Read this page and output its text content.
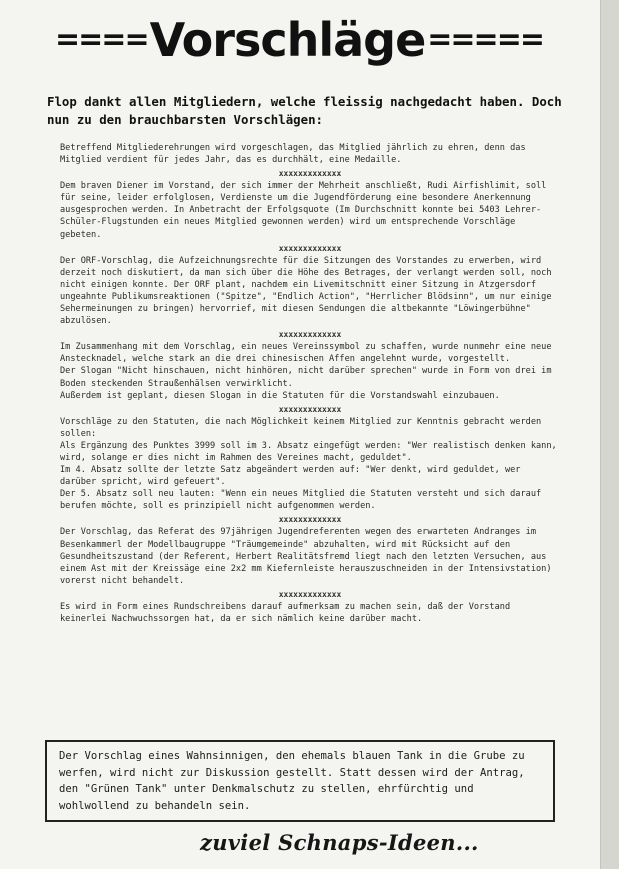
==== Vorschläge =====
Flop dankt allen Mitgliedern, welche fleissig nachgedacht haben. Doch nun zu den brauchbarsten Vorschlägen:

Betreffend Mitgliederehrungen wird vorgeschlagen, das Mitglied jährlich zu ehren, denn das Mitglied verdient für jedes Jahr, das es durchhält, eine Medaille.

xxxxxxxxxxxxx

Dem braven Diener im Vorstand, der sich immer der Mehrheit anschließt, Rudi Airfishlimit, soll für seine, leider erfolglosen, Verdienste um die Jugendförderung eine besondere Anerkennung ausgesprochen werden. In Anbetracht der Erfolgsquote (Im Durchschnitt konnte bei 5403 Lehrer-Schüler-Flugstunden ein neues Mitglied gewonnen werden) wird um entsprechende Vorschläge gebeten.

xxxxxxxxxxxxx

Der ORF-Vorschlag, die Aufzeichnungsrechte für die Sitzungen des Vorstandes zu erwerben, wird derzeit noch diskutiert, da man sich über die Höhe des Betrages, der verlangt werden soll, noch nicht einigen konnte. Der ORF plant, nachdem ein Livemitschnitt einer Sitzung in Atzgersdorf ungeahnte Publikumsreaktionen ("Spitze", "Endlich Action", "Herrlicher Blödsinn", um nur einige Sehermeinungen zu bringen) hervorrief, mit diesen Sendungen die altbekannte "Löwingerbühne" abzulösen.

xxxxxxxxxxxxx

Im Zusammenhang mit dem Vorschlag, ein neues Vereinssymbol zu schaffen, wurde nunmehr eine neue Anstecknadel, welche stark an die drei chinesischen Affen angelehnt wurde, vorgestellt.
Der Slogan "Nicht hinschauen, nicht hinhören, nicht darüber sprechen" wurde in Form von drei im Boden steckenden Straußenhälsen verwirklicht.
Außerdem ist geplant, diesen Slogan in die Statuten für die Vorstandswahl einzubauen.

xxxxxxxxxxxxx

Vorschläge zu den Statuten, die nach Möglichkeit keinem Mitglied zur Kenntnis gebracht werden sollen:
Als Ergänzung des Punktes 3999 soll im 3. Absatz eingefügt werden: "Wer realistisch denken kann, wird, solange er dies nicht im Rahmen des Vereines macht, geduldet".
Im 4. Absatz sollte der letzte Satz abgeändert werden auf: "Wer denkt, wird geduldet, wer darüber spricht, wird gefeuert".
Der 5. Absatz soll neu lauten: "Wenn ein neues Mitglied die Statuten versteht und sich darauf berufen möchte, soll es prinzipiell nicht aufgenommen werden.

xxxxxxxxxxxxx

Der Vorschlag, das Referat des 97jährigen Jugendreferenten wegen des erwarteten Andranges im Besenkammerl der Modellbaugruppe "Träumgemeinde" abzuhalten, wird mit Rücksicht auf den Gesundheitszustand (der Referent, Herbert Realitätsfremd liegt nach den letzten Versuchen, aus einem Ast mit der Kreissäge eine 2x2 mm Kiefernleiste herauszuschneiden in der Intensivstation) vorerst nicht behandelt.

xxxxxxxxxxxxx

Es wird in Form eines Rundschreibens darauf aufmerksam zu machen sein, daß der Vorstand keinerlei Nachwuchssorgen hat, da er sich nämlich keine darüber macht.

Der Vorschlag eines Wahnsinnigen, den ehemals blauen Tank in die Grube zu werfen, wird nicht zur Diskussion gestellt. Statt dessen wird der Antrag, den "Grünen Tank" unter Denkmalschutz zu stellen, ehrfürchtig und wohlwollend zu behandeln sein.
zuviel Schnaps-Ideen...
